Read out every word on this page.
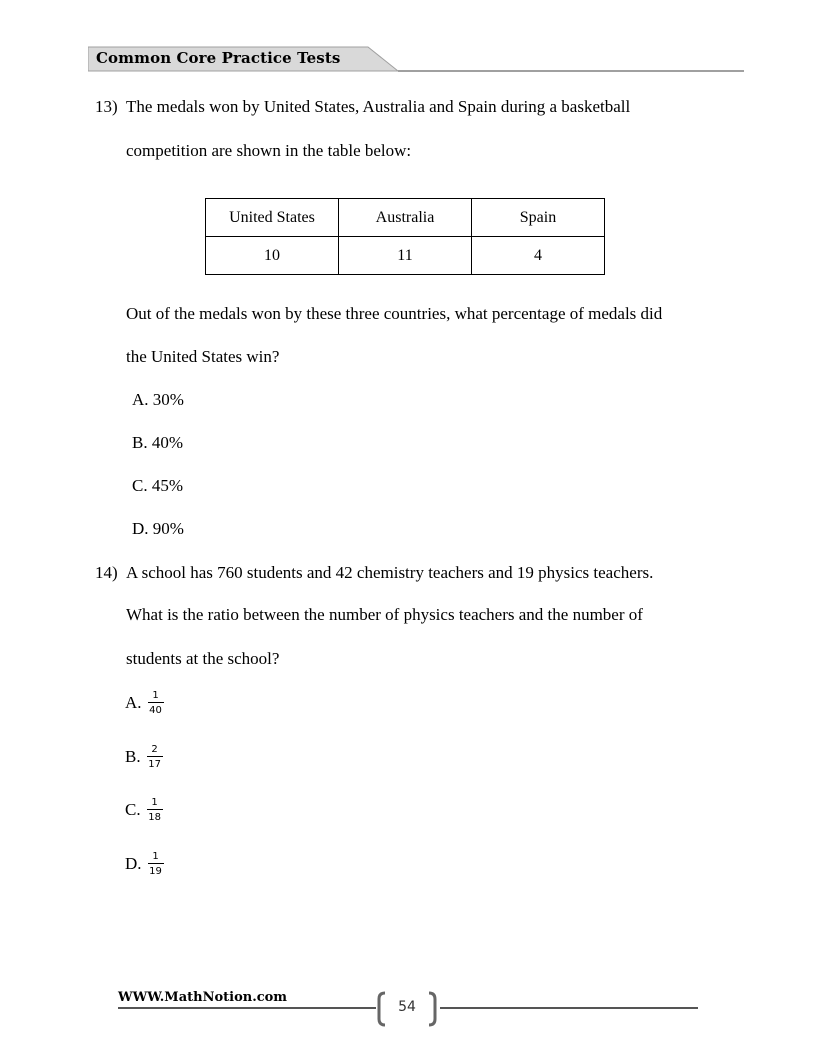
Common Core Practice Tests
13) The medals won by United States, Australia and Spain during a basketball
competition are shown in the table below:
United States	Australia	Spain
10	11	4
Out of the medals won by these three countries, what percentage of medals did
the United States win?
A. 30%
B. 40%
C. 45%
D. 90%
14) A school has 760 students and 42 chemistry teachers and 19 physics teachers.
What is the ratio between the number of physics teachers and the number of
students at the school?
A. $\frac{1}{40}$
B. $\frac{2}{17}$
C. $\frac{1}{18}$
D. $\frac{1}{19}$
WWW.MathNotion.com
54
